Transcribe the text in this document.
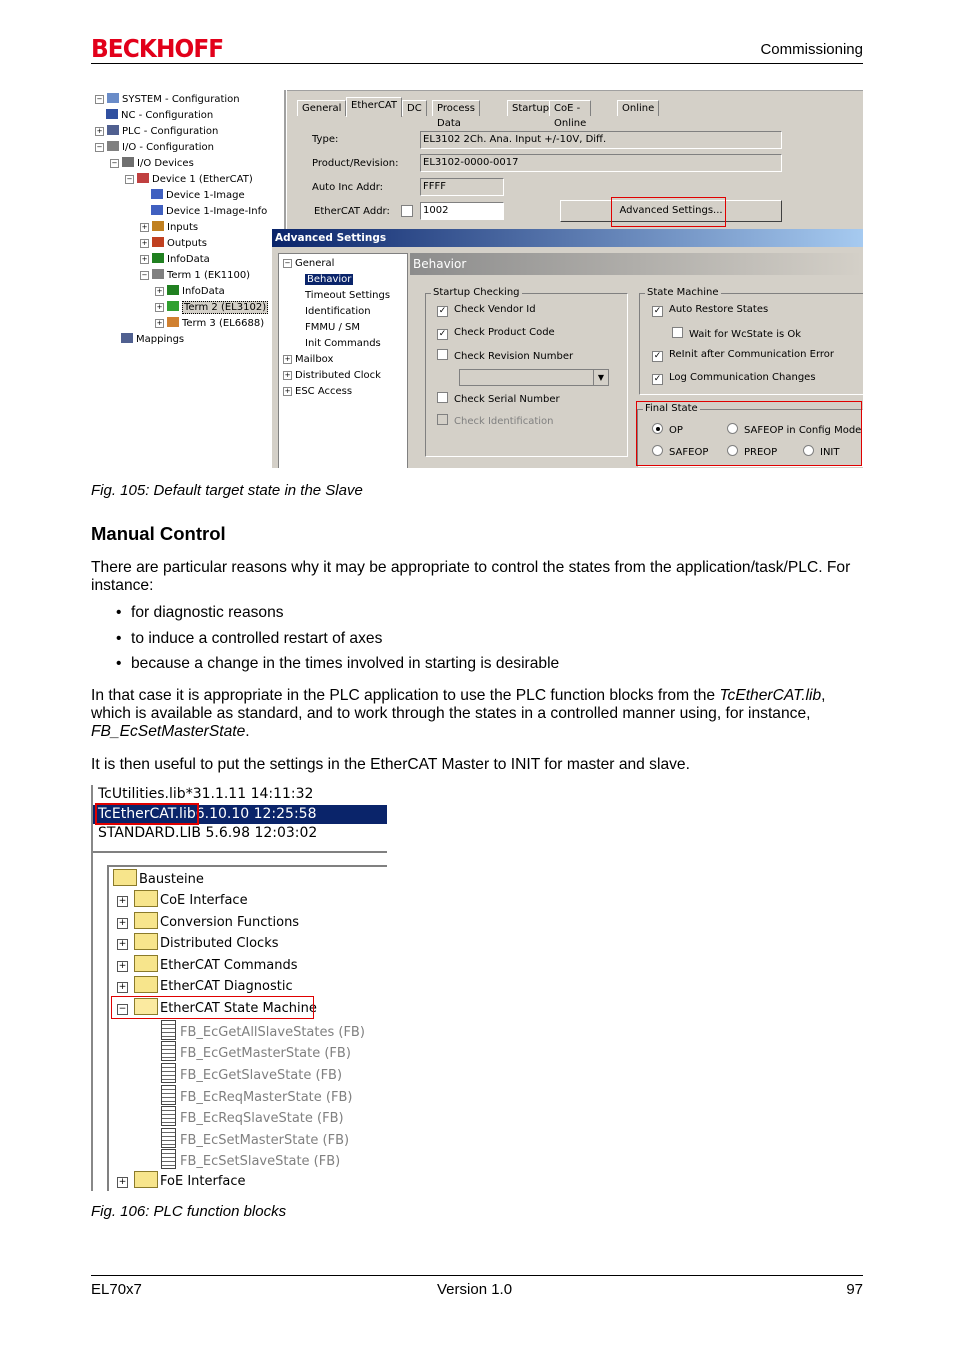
BECKHOFF	Commissioning
− SYSTEM - Configuration
NC - Configuration
+ PLC - Configuration
− I/O - Configuration
− I/O Devices
− Device 1 (EtherCAT)
Device 1-Image
Device 1-Image-Info
+ Inputs
+ Outputs
+ InfoData
− Term 1 (EK1100)
+ InfoData
+ Term 2 (EL3102)
+ Term 3 (EL6688)
Mappings
General EtherCAT	DC	Process Data
Startup CoE - Online
Online
Type:	EL3102 2Ch. Ana. Input +/-10V, Diff.
Product/Revision:	EL3102-0000-0017
Auto Inc Addr:	FFFF
EtherCAT Addr:	1002	Advanced Settings...
Advanced Settings
− General
Behavior
Timeout Settings
Identification
FMMU / SM
Init Commands
+ Mailbox
+ Distributed Clock
+ ESC Access
Behavior
Startup Checking
✓ Check Vendor Id
✓ Check Product Code
Check Revision Number
▼
Check Serial Number
Check Identification
State Machine
✓ Auto Restore States
Wait for WcState is Ok
✓ ReInit after Communication Error
✓ Log Communication Changes
Final State
OP	SAFEOP in Config Mode
SAFEOP	PREOP	INIT
Fig. 105: Default target state in the Slave
Manual Control
There are particular reasons why it may be appropriate to control the states from the application/task/PLC. For instance:
• for diagnostic reasons
• to induce a controlled restart of axes
• because a change in the times involved in starting is desirable
In that case it is appropriate in the PLC application to use the PLC function blocks from the TcEtherCAT.lib, which is available as standard, and to work through the states in a controlled manner using, for instance, FB_EcSetMasterState.
It is then useful to put the settings in the EtherCAT Master to INIT for master and slave.
TcUtilities.lib*31.1.11 14:11:32
TcEtherCAT.lib6.10.10 12:25:58
STANDARD.LIB 5.6.98 12:03:02
Bausteine
+	CoE Interface
+	Conversion Functions
+	Distributed Clocks
+	EtherCAT Commands
+	EtherCAT Diagnostic
−	EtherCAT State Machine
FB_EcGetAllSlaveStates (FB)
FB_EcGetMasterState (FB)
FB_EcGetSlaveState (FB)
FB_EcReqMasterState (FB)
FB_EcReqSlaveState (FB)
FB_EcSetMasterState (FB)
FB_EcSetSlaveState (FB)
+	FoE Interface
Fig. 106: PLC function blocks
EL70x7	Version 1.0	97
